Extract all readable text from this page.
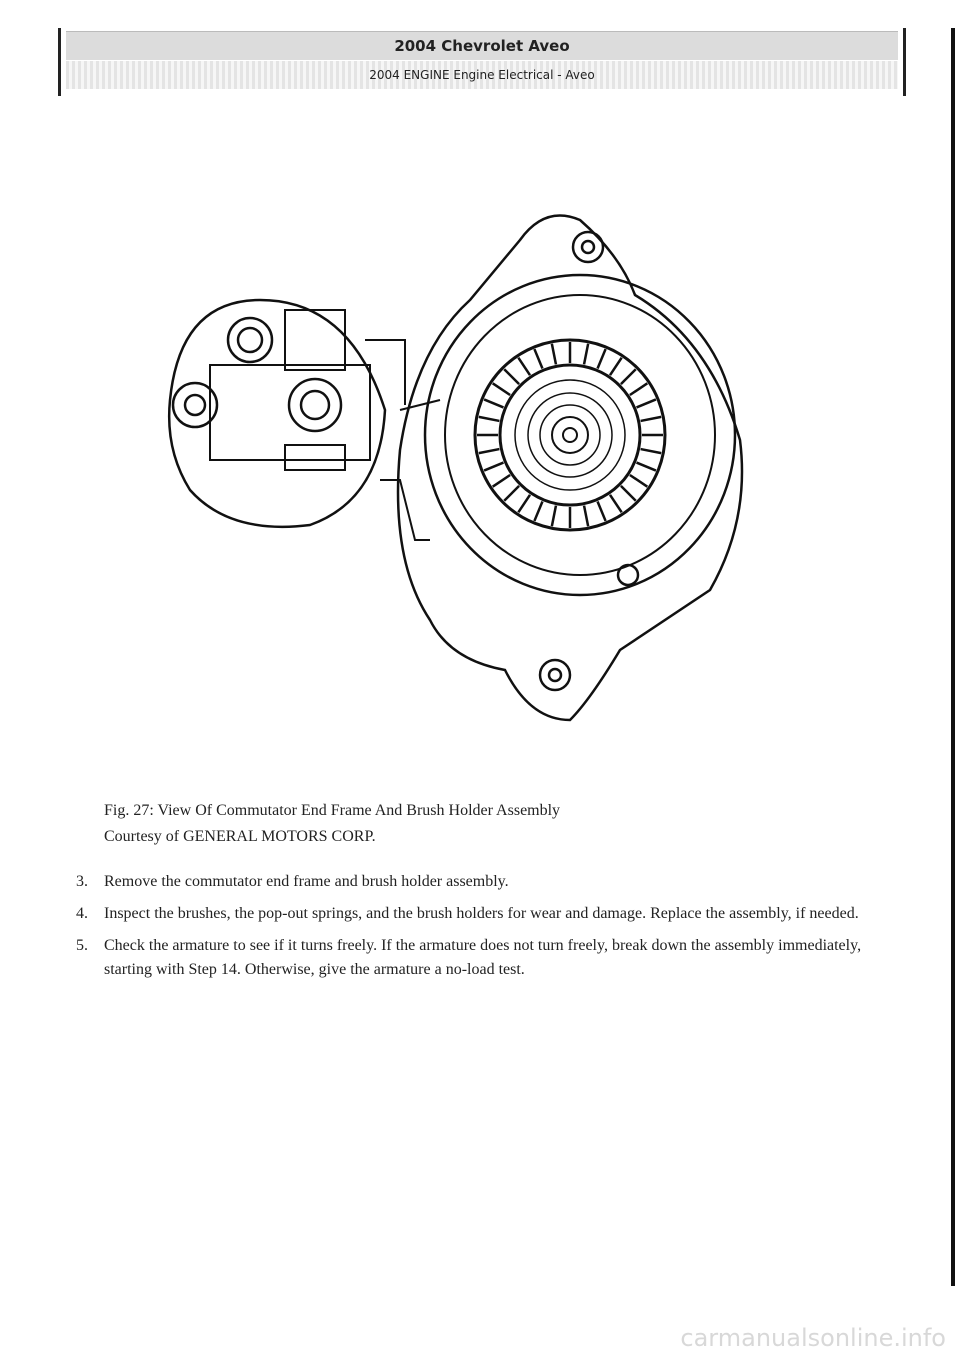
2004 Chevrolet Aveo
2004 ENGINE Engine Electrical - Aveo
Fig. 27: View Of Commutator End Frame And Brush Holder Assembly
Courtesy of GENERAL MOTORS CORP.
3.	Remove the commutator end frame and brush holder assembly.
4.	Inspect the brushes, the pop-out springs, and the brush holders for wear and damage. Replace the assembly, if needed.
5.	Check the armature to see if it turns freely. If the armature does not turn freely, break down the assembly immediately, starting with Step 14. Otherwise, give the armature a no-load test.
carmanualsonline.info
